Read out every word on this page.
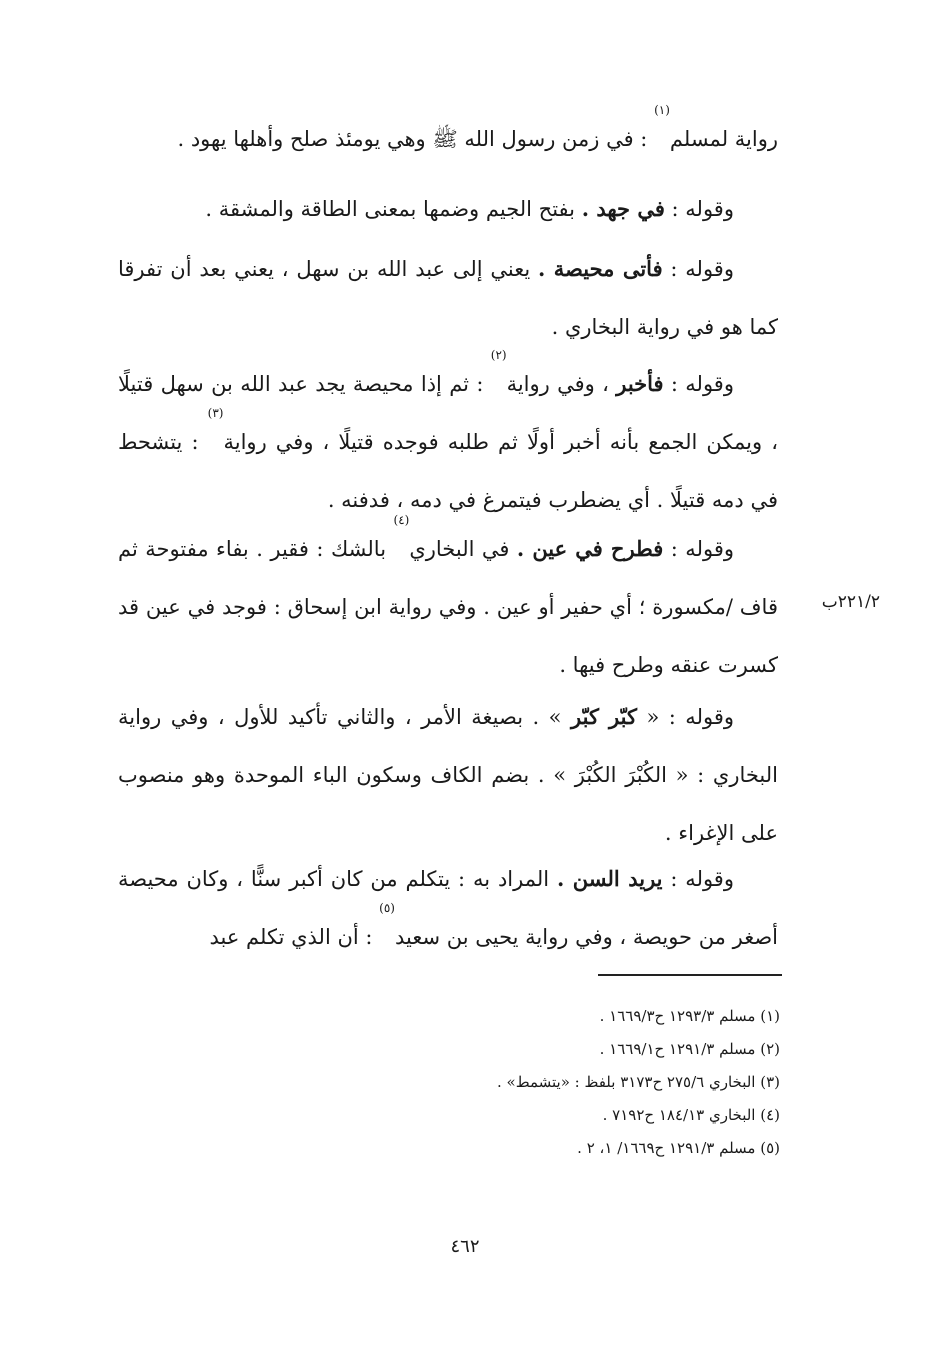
رواية لمسلم$^{(١)}$ : في زمن رسول الله ﷺ وهي يومئذ صلح وأهلها يهود .

وقوله : في جهد . بفتح الجيم وضمها بمعنى الطاقة والمشقة .

وقوله : فأتى محيصة . يعني إلى عبد الله بن سهل ، يعني بعد أن تفرقا كما هو في رواية البخاري .

وقوله : فأخبر ، وفي رواية$^{(٢)}$ : ثم إذا محيصة يجد عبد الله بن سهل قتيلًا ، ويمكن الجمع بأنه أخبر أولًا ثم طلبه فوجده قتيلًا ، وفي رواية$^{(٣)}$ : يتشحط في دمه قتيلًا . أي يضطرب فيتمرغ في دمه ، فدفنه .

وقوله : فطرح في عين . في البخاري$^{(٤)}$ بالشك : فقير . بفاء مفتوحة ثم قاف /مكسورة ؛ أي حفير أو عين . وفي رواية ابن إسحاق : فوجد في عين قد كسرت عنقه وطرح فيها .

وقوله : « كبّر كبّر » . بصيغة الأمر ، والثاني تأكيد للأول ، وفي رواية البخاري : « الكُبْرَ الكُبْرَ » . بضم الكاف وسكون الباء الموحدة وهو منصوب على الإغراء .

وقوله : يريد السن . المراد به : يتكلم من كان أكبر سنًّا ، وكان محيصة أصغر من حويصة ، وفي رواية يحيى بن سعيد$^{(٥)}$ : أن الذي تكلم عبد

٢٢١/٢ب

(١) مسلم ١٢٩٣/٣ ح١٦٦٩/٣ .

(٢) مسلم ١٢٩١/٣ ح١٦٦٩/١ .

(٣) البخاري ٢٧٥/٦ ح٣١٧٣ بلفظ : «يتشمط» .

(٤) البخاري ١٨٤/١٣ ح٧١٩٢ .

(٥) مسلم ١٢٩١/٣ ح١٦٦٩/ ١، ٢ .

٤٦٢
